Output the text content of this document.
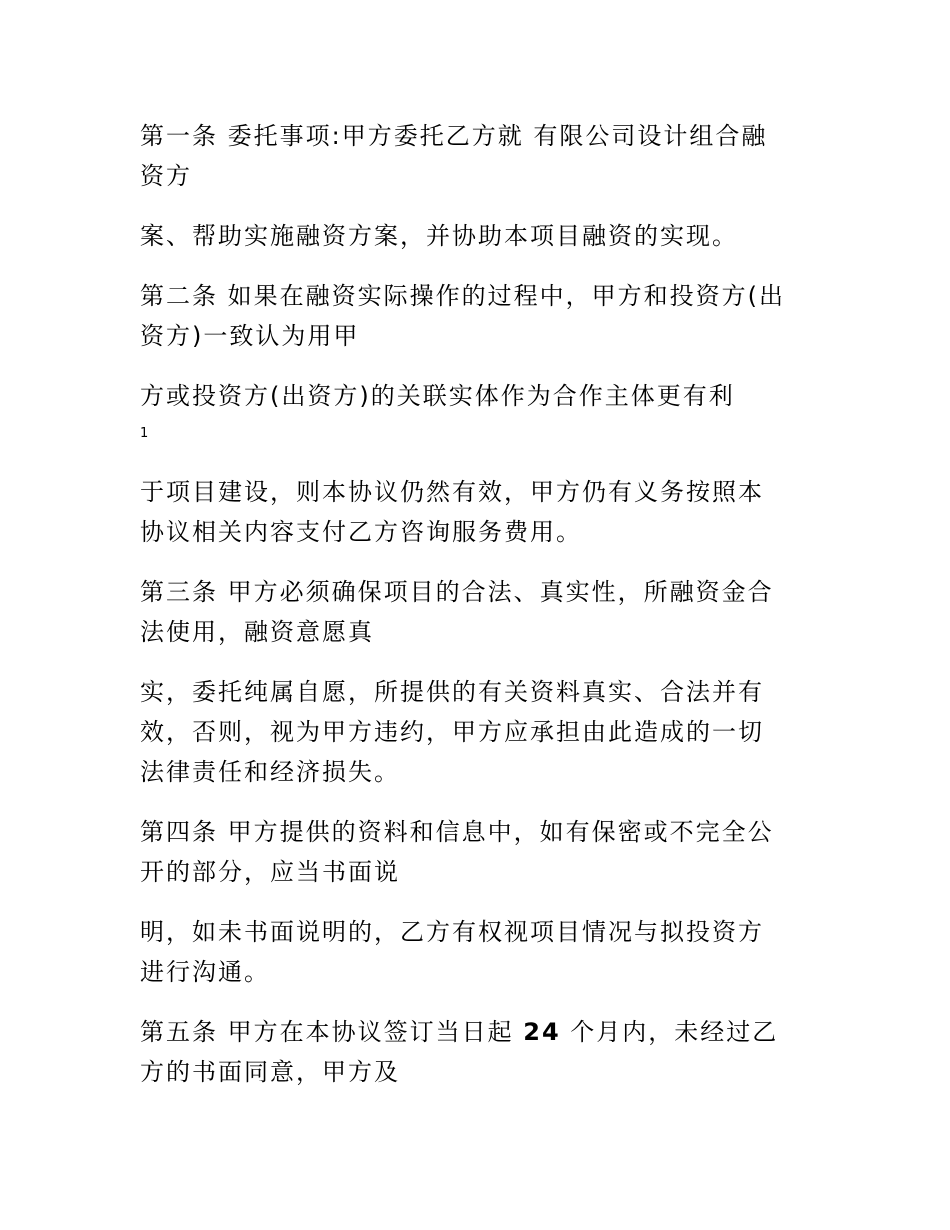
第一条 委托事项:甲方委托乙方就 有限公司设计组合融
资方

案、帮助实施融资方案，并协助本项目融资的实现。

第二条 如果在融资实际操作的过程中，甲方和投资方(出
资方)一致认为用甲

方或投资方(出资方)的关联实体作为合作主体更有利

1

于项目建设，则本协议仍然有效，甲方仍有义务按照本
协议相关内容支付乙方咨询服务费用。

第三条 甲方必须确保项目的合法、真实性，所融资金合
法使用，融资意愿真

实，委托纯属自愿，所提供的有关资料真实、合法并有
效，否则，视为甲方违约，甲方应承担由此造成的一切
法律责任和经济损失。

第四条 甲方提供的资料和信息中，如有保密或不完全公
开的部分，应当书面说

明，如未书面说明的，乙方有权视项目情况与拟投资方
进行沟通。

第五条 甲方在本协议签订当日起 24 个月内，未经过乙
方的书面同意，甲方及
